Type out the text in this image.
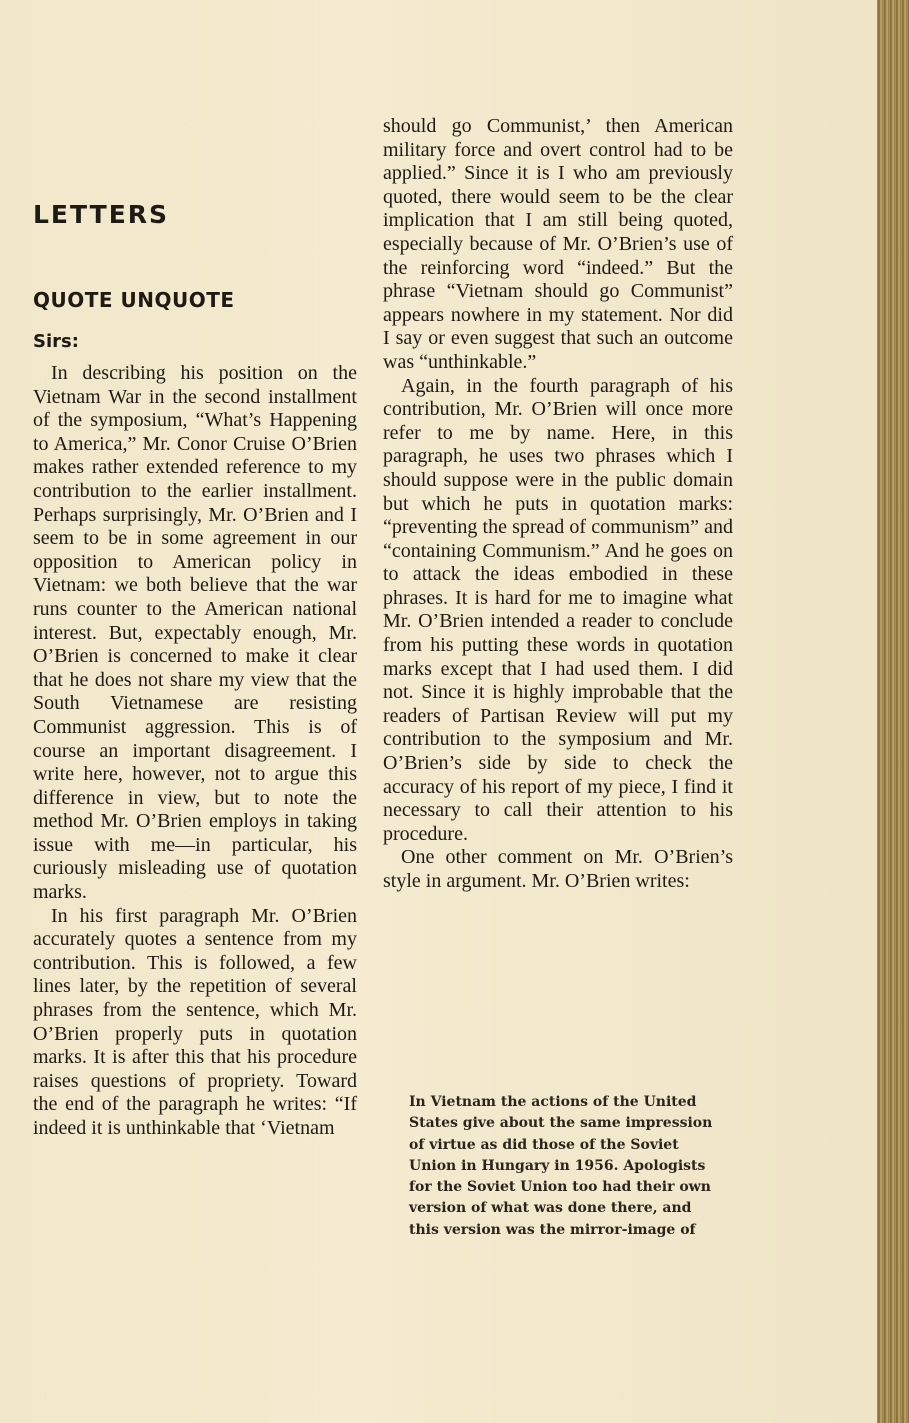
LETTERS
QUOTE UNQUOTE
Sirs:

In describing his position on the Vietnam War in the second installment of the symposium, “What’s Happening to America,” Mr. Conor Cruise O’Brien makes rather extended reference to my contribution to the earlier installment. Perhaps surprisingly, Mr. O’Brien and I seem to be in some agreement in our opposition to American policy in Vietnam: we both believe that the war runs counter to the American national interest. But, expectably enough, Mr. O’Brien is concerned to make it clear that he does not share my view that the South Vietnamese are resisting Communist aggression. This is of course an important disagreement. I write here, however, not to argue this difference in view, but to note the method Mr. O’Brien employs in taking issue with me—in particular, his curiously misleading use of quotation marks.

In his first paragraph Mr. O’Brien accurately quotes a sentence from my contribution. This is followed, a few lines later, by the repetition of several phrases from the sentence, which Mr. O’Brien properly puts in quotation marks. It is after this that his procedure raises questions of propriety. Toward the end of the paragraph he writes: “If indeed it is unthinkable that ‘Vietnam

should go Communist,’ then American military force and overt control had to be applied.” Since it is I who am previously quoted, there would seem to be the clear implication that I am still being quoted, especially because of Mr. O’Brien’s use of the reinforcing word “indeed.” But the phrase “Vietnam should go Communist” appears nowhere in my statement. Nor did I say or even suggest that such an outcome was “unthinkable.”

Again, in the fourth paragraph of his contribution, Mr. O’Brien will once more refer to me by name. Here, in this paragraph, he uses two phrases which I should suppose were in the public domain but which he puts in quotation marks: “preventing the spread of communism” and “containing Communism.” And he goes on to attack the ideas embodied in these phrases. It is hard for me to imagine what Mr. O’Brien intended a reader to conclude from his putting these words in quotation marks except that I had used them. I did not. Since it is highly improbable that the readers of Partisan Review will put my contribution to the symposium and Mr. O’Brien’s side by side to check the accuracy of his report of my piece, I find it necessary to call their attention to his procedure.

One other comment on Mr. O’Brien’s style in argument. Mr. O’Brien writes:

In Vietnam the actions of the United States give about the same impression of virtue as did those of the Soviet Union in Hungary in 1956. Apologists for the Soviet Union too had their own version of what was done there, and this version was the mirror-image of
